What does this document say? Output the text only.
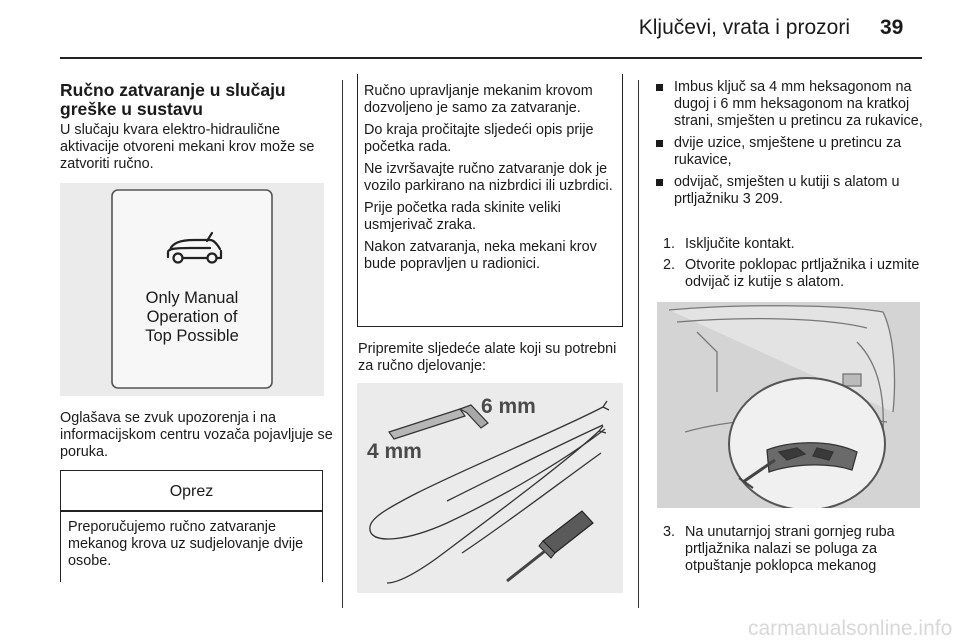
Ključevi, vrata i prozori 39
Ručno zatvaranje u slučaju greške u sustavu

U slučaju kvara elektro-hidraulične aktivacije otvoreni mekani krov može se zatvoriti ručno.

Only Manual
Operation of
Top Possible

Oglašava se zvuk upozorenja i na informacijskom centru vozača pojavljuje se poruka.

Oprez
Preporučujemo ručno zatvaranje mekanog krova uz sudjelovanje dvije osobe.

Ručno upravljanje mekanim krovom dozvoljeno je samo za zatvaranje.

Do kraja pročitajte sljedeći opis prije početka rada.

Ne izvršavajte ručno zatvaranje dok je vozilo parkirano na nizbrdici ili uzbrdici.

Prije početka rada skinite veliki usmjerivač zraka.

Nakon zatvaranja, neka mekani krov bude popravljen u radionici.

Pripremite sljedeće alate koji su potrebni za ručno djelovanje:

6 mm
4 mm
Imbus ključ sa 4 mm heksagonom na dugoj i 6 mm heksagonom na kratkoj strani, smješten u pretincu za rukavice,
dvije uzice, smještene u pretincu za rukavice,
odvijač, smješten u kutiji s alatom u prtljažniku 3 209.
1. Isključite kontakt.
2. Otvorite poklopac prtljažnika i uzmite odvijač iz kutije s alatom.
3. Na unutarnjoj strani gornjeg ruba prtljažnika nalazi se poluga za otpuštanje poklopca mekanog
carmanualsonline.info
